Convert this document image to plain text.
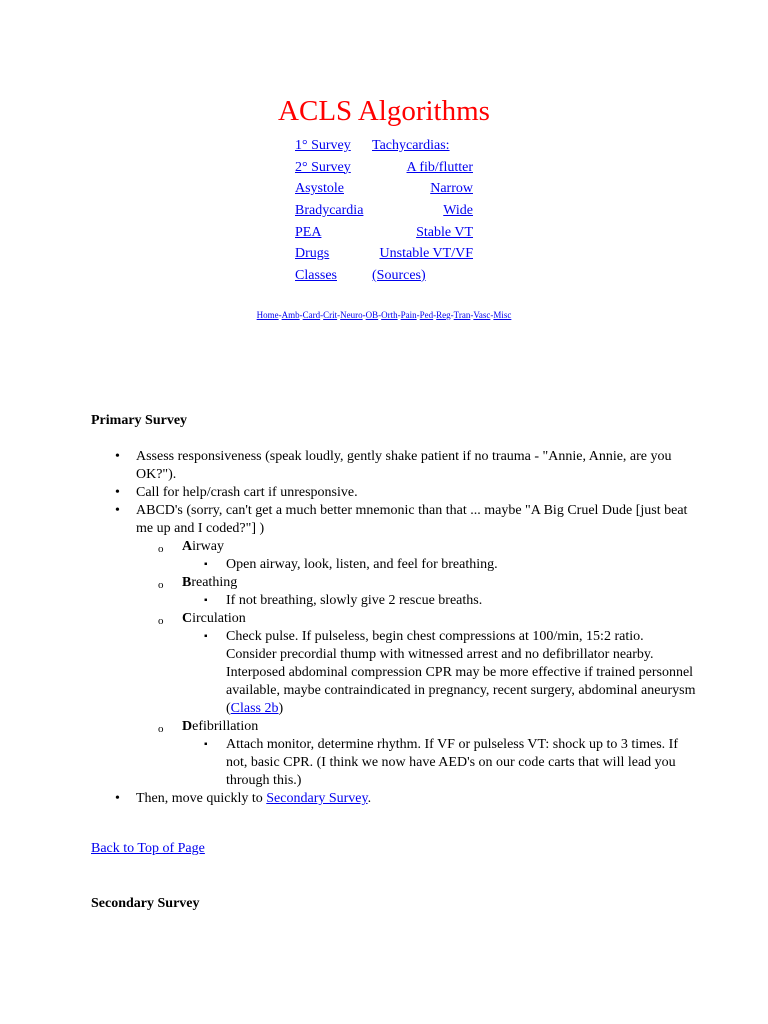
ACLS Algorithms
1° Survey	Tachycardias:
2° Survey	A fib/flutter
Asystole	Narrow
Bradycardia	Wide
PEA	Stable VT
Drugs	Unstable VT/VF
Classes	(Sources)
Home-Amb-Card-Crit-Neuro-OB-Orth-Pain-Ped-Reg-Tran-Vasc-Misc
Primary Survey
• Assess responsiveness (speak loudly, gently shake patient if no trauma - "Annie, Annie, are you OK?").
• Call for help/crash cart if unresponsive.
• ABCD's (sorry, can't get a much better mnemonic than that ... maybe "A Big Cruel Dude [just beat me up and I coded?"] )
o Airway
▪ Open airway, look, listen, and feel for breathing.
o Breathing
▪ If not breathing, slowly give 2 rescue breaths.
o Circulation
▪ Check pulse. If pulseless, begin chest compressions at 100/min, 15:2 ratio. Consider precordial thump with witnessed arrest and no defibrillator nearby. Interposed abdominal compression CPR may be more effective if trained personnel available, maybe contraindicated in pregnancy, recent surgery, abdominal aneurysm (Class 2b)
o Defibrillation
▪ Attach monitor, determine rhythm. If VF or pulseless VT: shock up to 3 times. If not, basic CPR. (I think we now have AED's on our code carts that will lead you through this.)
• Then, move quickly to Secondary Survey.
Back to Top of Page
Secondary Survey
